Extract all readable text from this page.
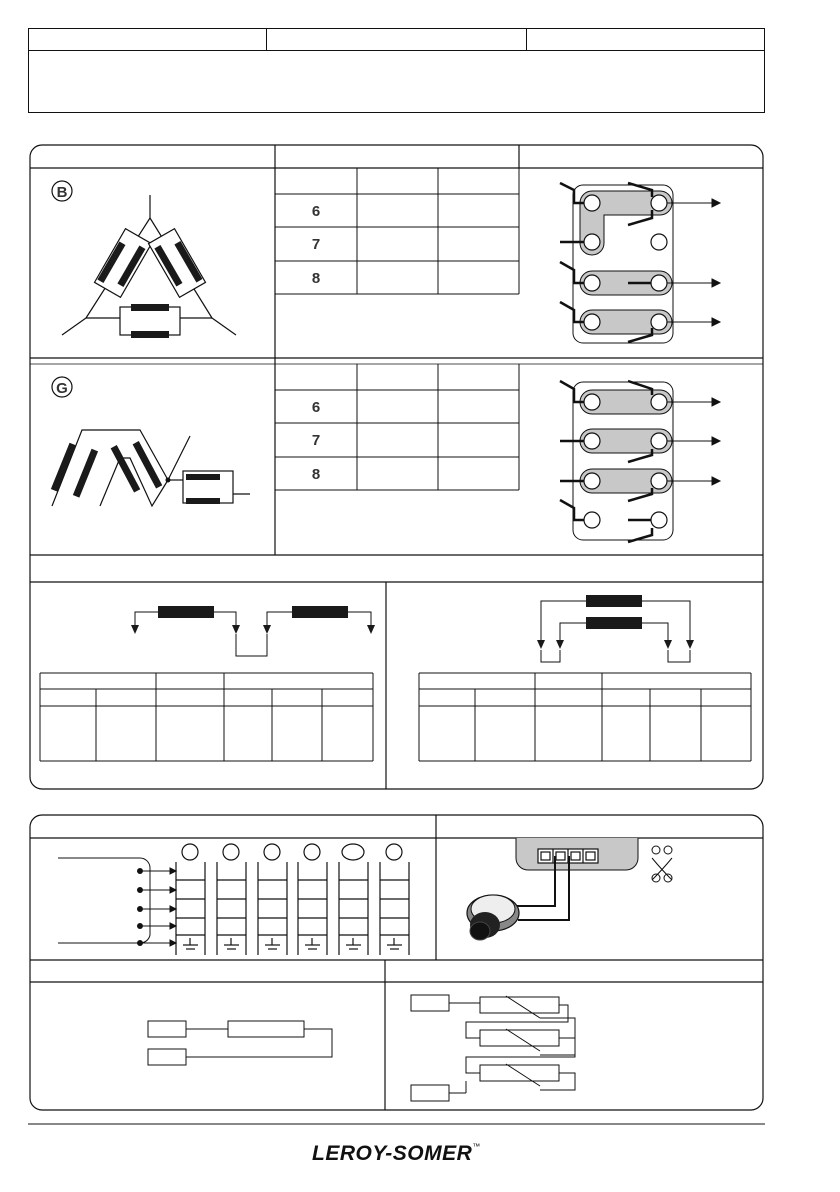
B
6
7
8
G
6
7
8
LEROY-SOMER™
